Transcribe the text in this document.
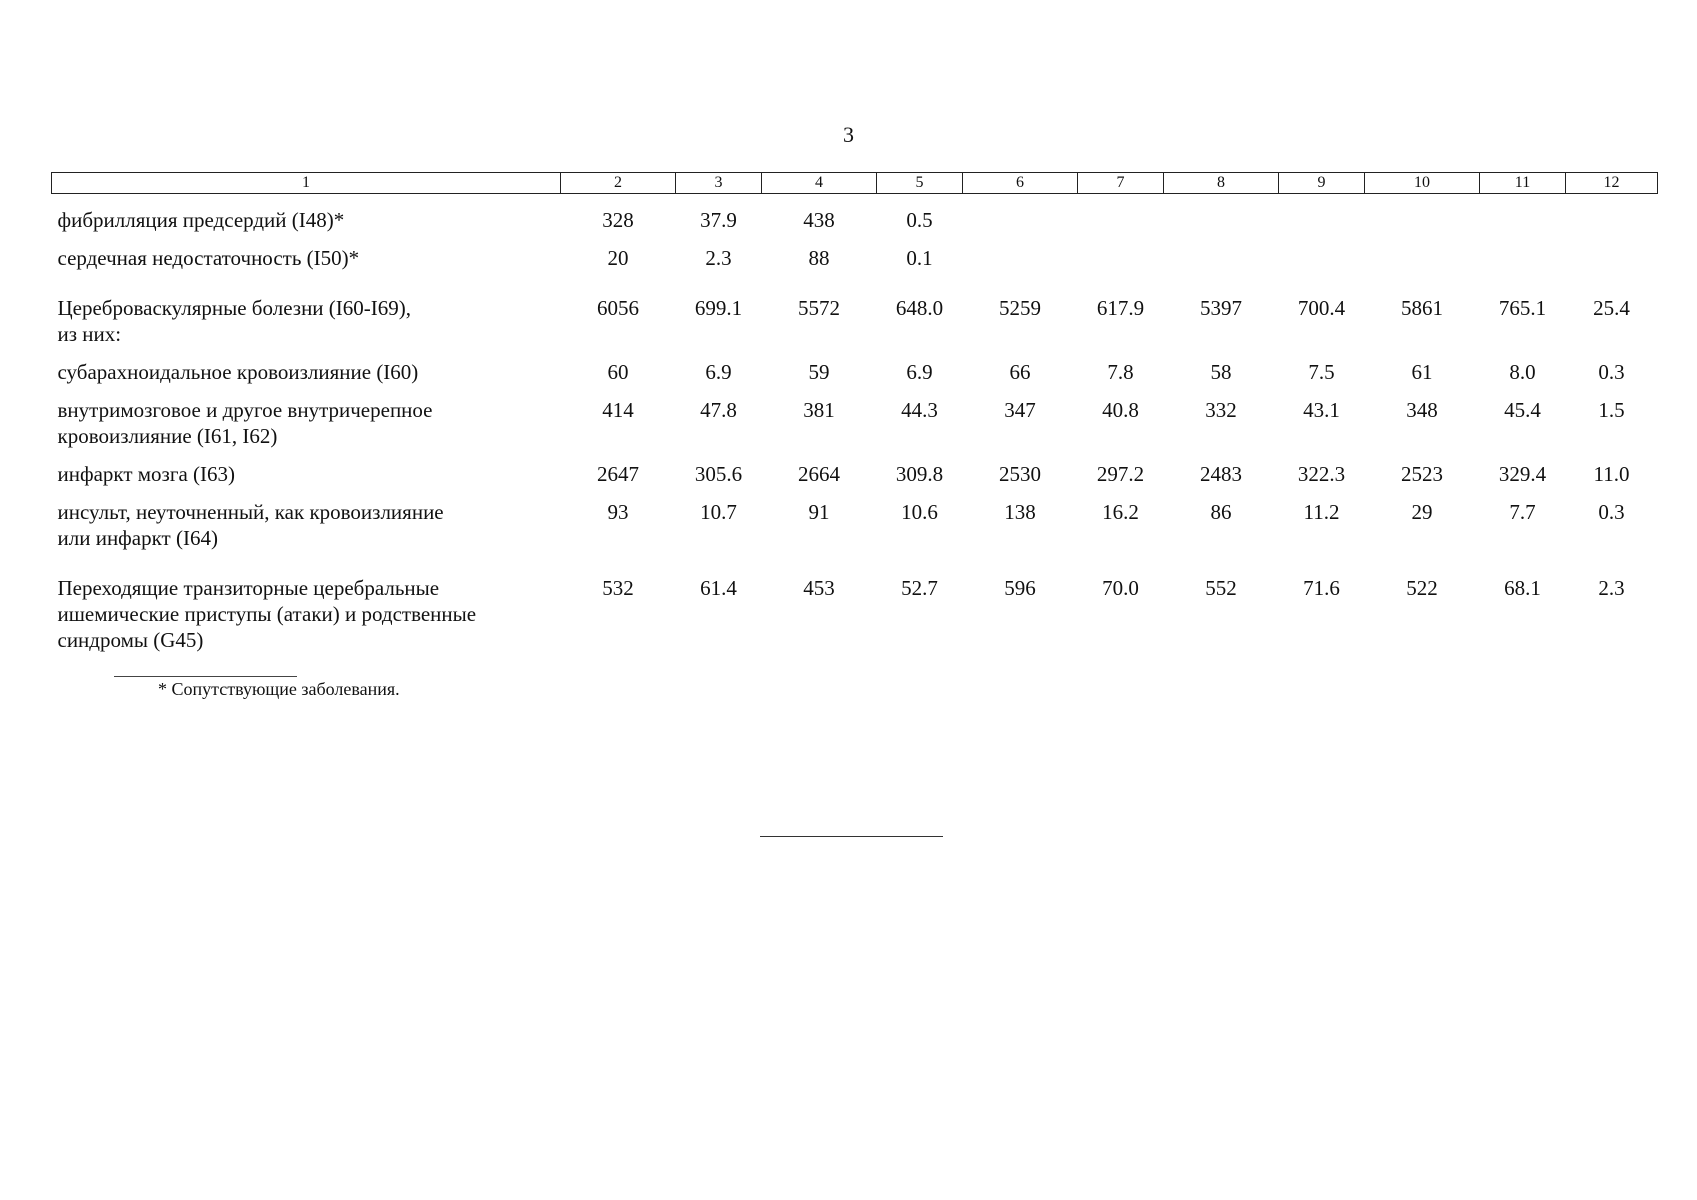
3
1	2	3	4	5	6	7	8	9	10	11	12
фибрилляция предсердий (I48)*	328	37.9	438	0.5							
сердечная недостаточность (I50)*	20	2.3	88	0.1							
Цереброваскулярные болезни (I60-I69),
из них:	6056	699.1	5572	648.0	5259	617.9	5397	700.4	5861	765.1	25.4
субарахноидальное кровоизлияние (I60)	60	6.9	59	6.9	66	7.8	58	7.5	61	8.0	0.3
внутримозговое и другое внутричерепное
кровоизлияние (I61, I62)	414	47.8	381	44.3	347	40.8	332	43.1	348	45.4	1.5
инфаркт мозга (I63)	2647	305.6	2664	309.8	2530	297.2	2483	322.3	2523	329.4	11.0
инсульт, неуточненный, как кровоизлияние
или инфаркт (I64)	93	10.7	91	10.6	138	16.2	86	11.2	29	7.7	0.3
Переходящие транзиторные церебральные
ишемические приступы (атаки) и родственные
синдромы (G45)	532	61.4	453	52.7	596	70.0	552	71.6	522	68.1	2.3
* Сопутствующие заболевания.
